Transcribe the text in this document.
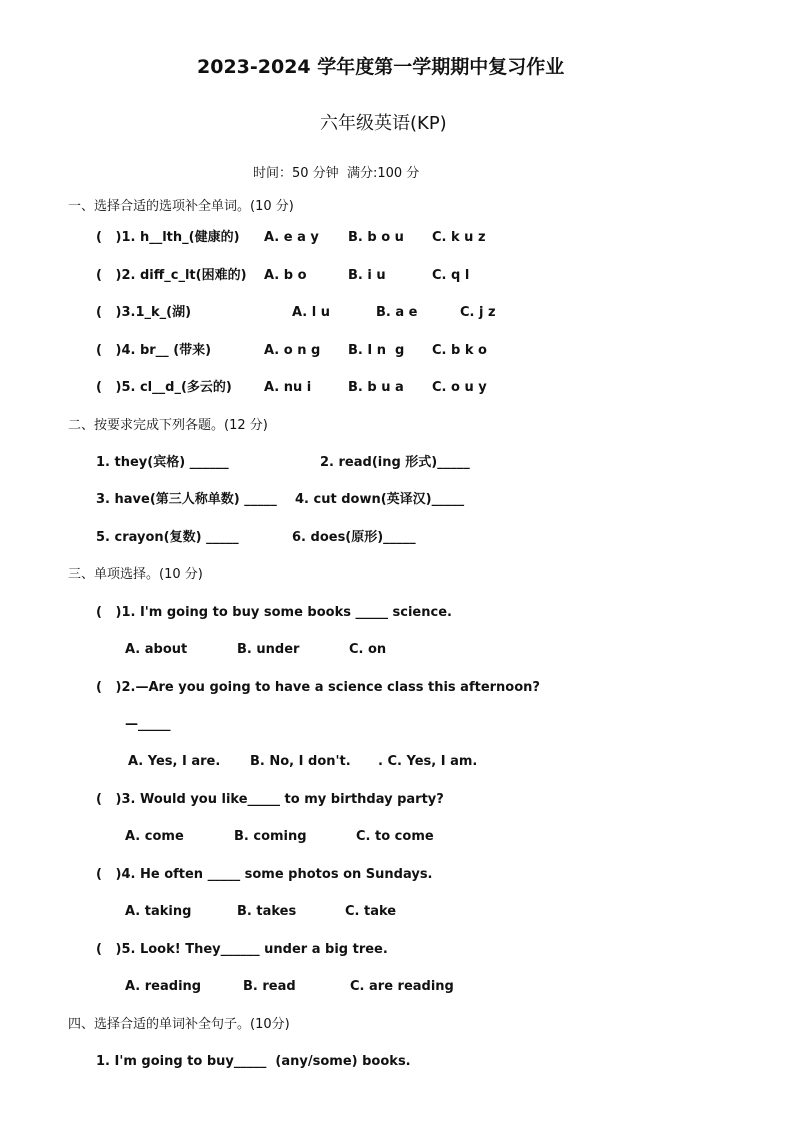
2023-2024 学年度第一学期期中复习作业
六年级英语(KP)
时间：50 分钟  满分:100 分
一、选择合适的选项补全单词。(10 分)
(   )1. h__lth_(健康的) A. e a y B. b o u C. k u z
(   )2. diff_c_lt(困难的) A. b o	B. i u	C. q l
(   )3.1_k_(湖)	A. l u	B. a e	C. j z
(   )4. br__ (带来)	A. o n g B. I n  g C. b k o
(   )5. cl__d_(多云的) A. nu i	B. b u a C. o u y
二、按要求完成下列各题。(12 分)
1. they(宾格) ______	2. read(ing 形式)_____
3. have(第三人称单数) _____ 4. cut down(英译汉)_____
5. crayon(复数) _____	6. does(原形)_____
三、单项选择。(10 分)
(   )1. I'm going to buy some books _____ science.
A. about	B. under	C. on
(   )2.—Are you going to have a science class this afternoon?
—_____
A. Yes, I are. B. No, I don't. . C. Yes, I am.
(   )3. Would you like_____ to my birthday party?
A. come	B. coming	C. to come
(   )4. He often _____ some photos on Sundays.
A. taking	B. takes	C. take
(   )5. Look! They______ under a big tree.
A. reading	B. read	C. are reading
四、选择合适的单词补全句子。(10分)
1. I'm going to buy_____  (any/some) books.
